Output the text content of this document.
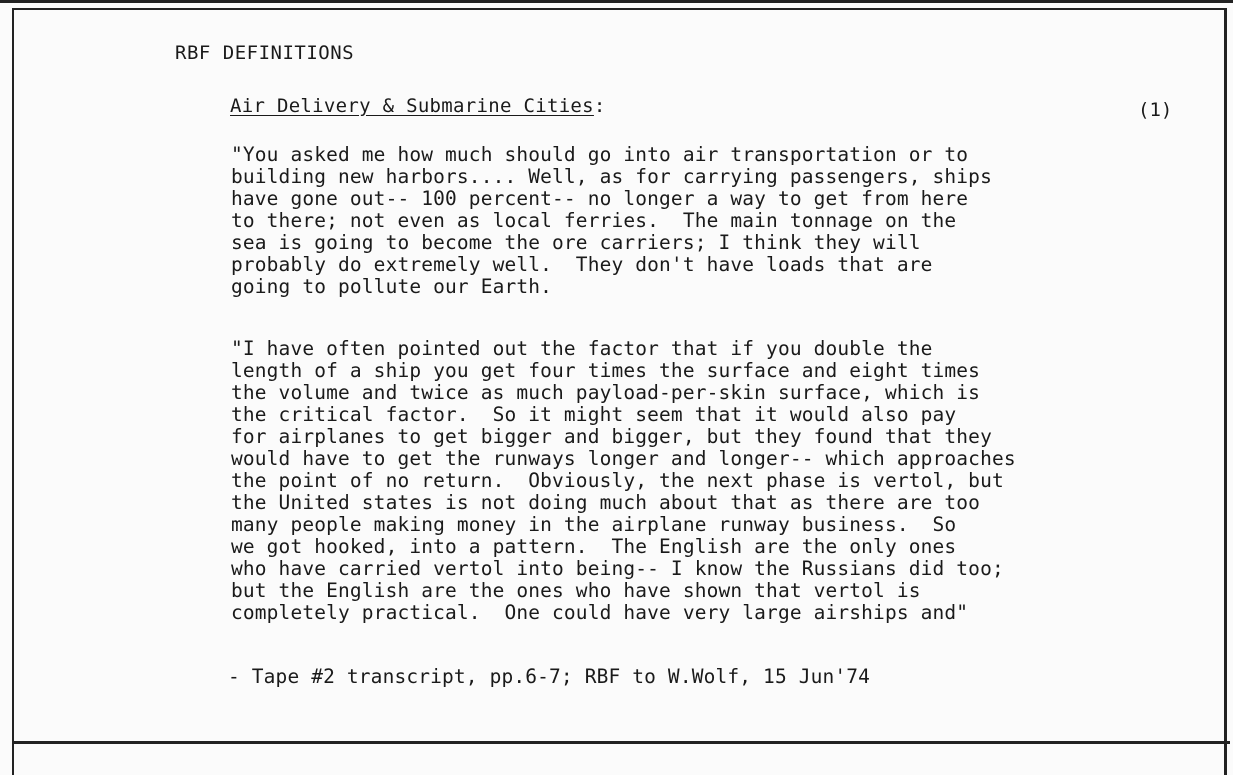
RBF DEFINITIONS
Air Delivery & Submarine Cities:	(1)
"You asked me how much should go into air transportation or to
building new harbors.... Well, as for carrying passengers, ships
have gone out-- 100 percent-- no longer a way to get from here
to there; not even as local ferries.  The main tonnage on the
sea is going to become the ore carriers; I think they will
probably do extremely well.  They don't have loads that are
going to pollute our Earth.
"I have often pointed out the factor that if you double the
length of a ship you get four times the surface and eight times
the volume and twice as much payload-per-skin surface, which is
the critical factor.  So it might seem that it would also pay
for airplanes to get bigger and bigger, but they found that they
would have to get the runways longer and longer-- which approaches
the point of no return.  Obviously, the next phase is vertol, but
the United states is not doing much about that as there are too
many people making money in the airplane runway business.  So
we got hooked, into a pattern.  The English are the only ones
who have carried vertol into being-- I know the Russians did too;
but the English are the ones who have shown that vertol is
completely practical.  One could have very large airships and"
- Tape #2 transcript, pp.6-7; RBF to W.Wolf, 15 Jun'74
